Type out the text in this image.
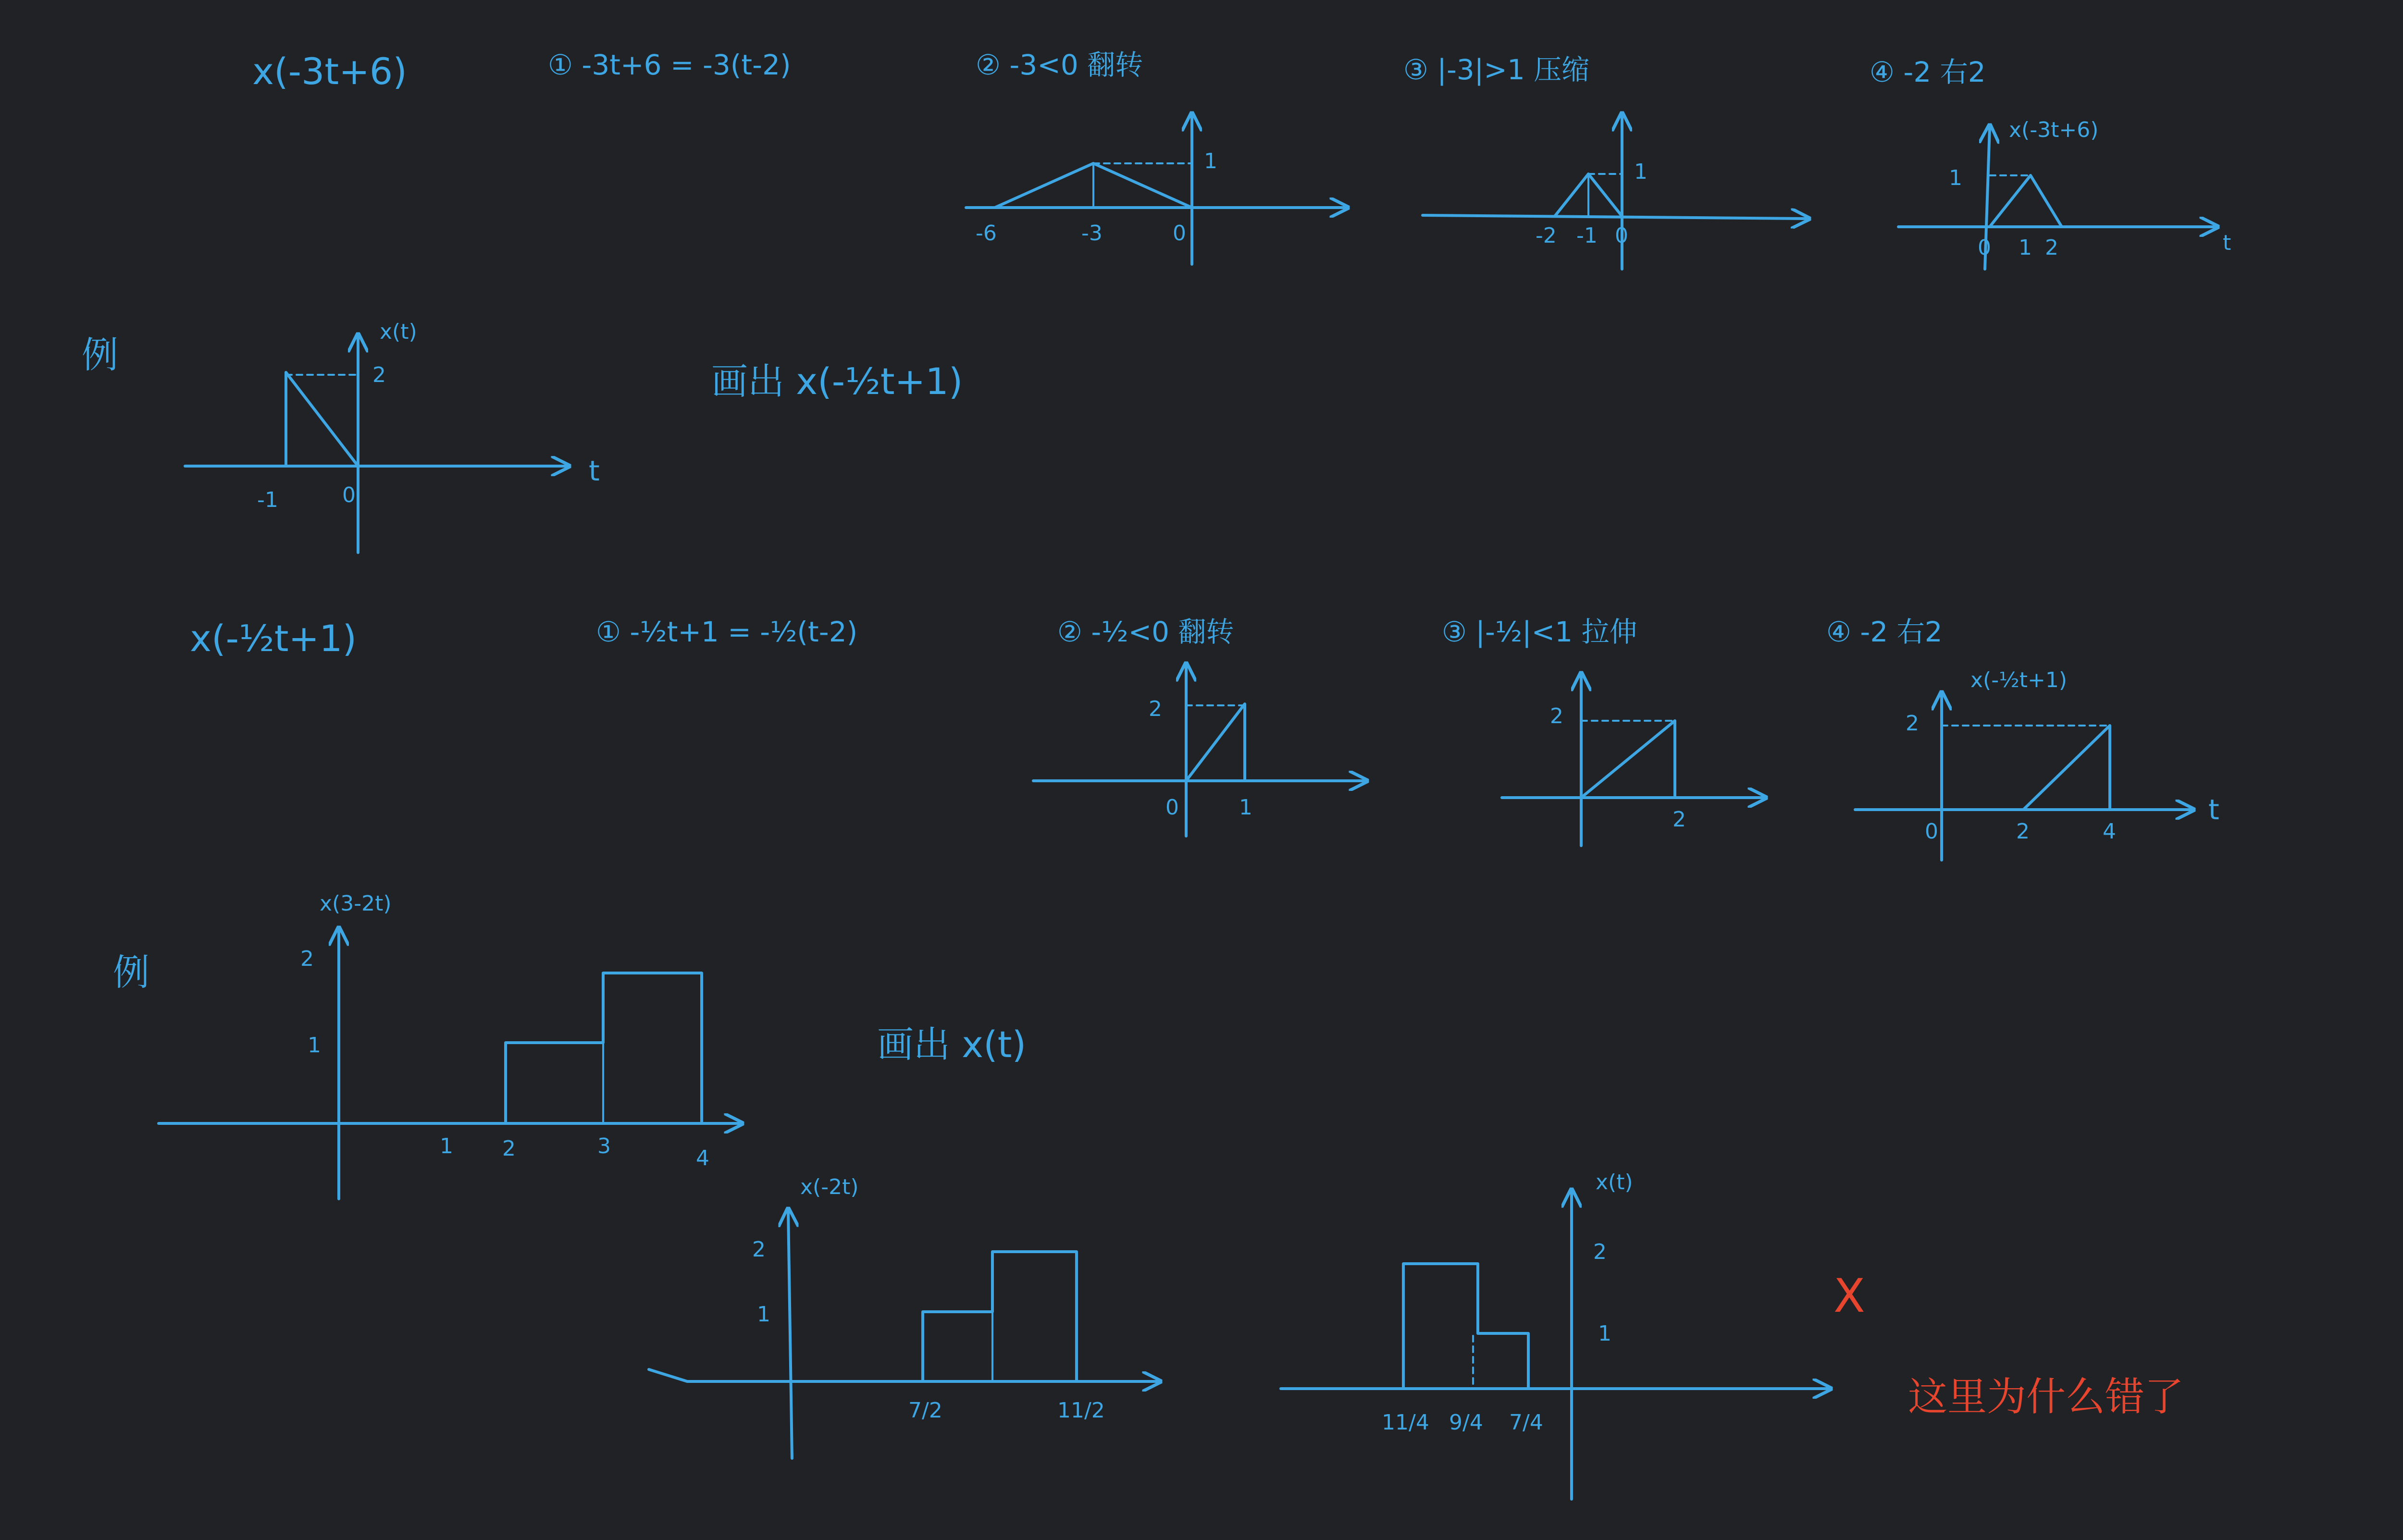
x(-3t+6)	① -3t+6 = -3(t-2)	② -3<0 翻转	③ |-3|>1 压缩	④ -2 右2
1
-6	-3	0
1
-2 -1 0
x(-3t+6)
1
0 1 2	t
例
x(t)
2
-1	0
t
画出 x(-½t+1)
x(-½t+1)	① -½t+1 = -½(t-2)	② -½<0 翻转	③ |-½|<1 拉伸	④ -2 右2
2
0	1
2
2
x(-½t+1)
2
0	2	4
t
例
x(3-2t)
2
1
1 2	3	4
画出 x(t)
x(-2t)
2
1
7/2	11/2
x(t)
2
1
11/4 9/4 7/4
X
这里为什么错了
